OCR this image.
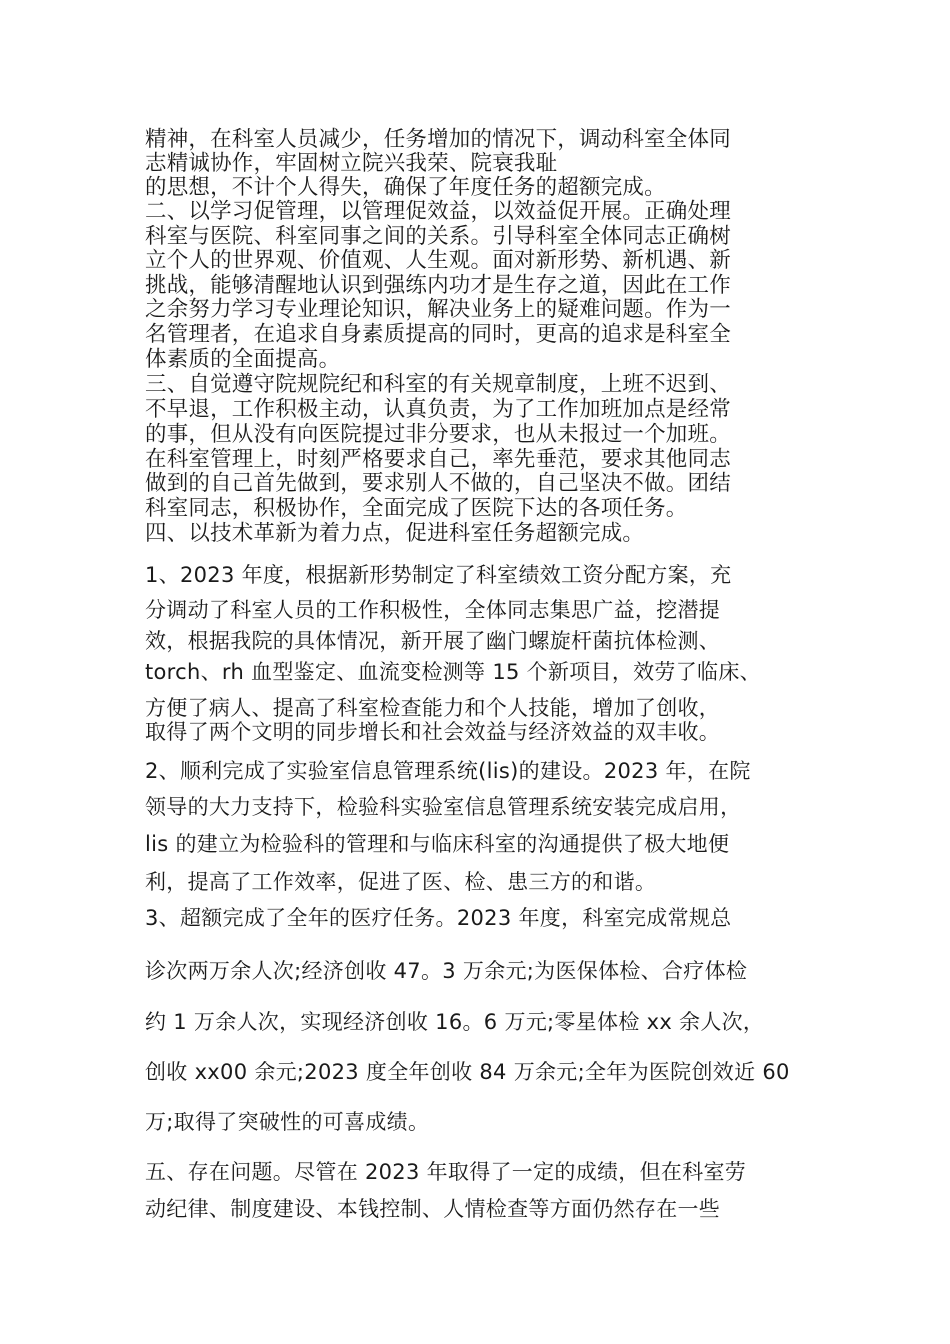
精神，在科室人员减少，任务增加的情况下，调动科室全体同
志精诚协作，牢固树立院兴我荣、院衰我耻
的思想，不计个人得失，确保了年度任务的超额完成。
二、以学习促管理，以管理促效益，以效益促开展。正确处理
科室与医院、科室同事之间的关系。引导科室全体同志正确树
立个人的世界观、价值观、人生观。面对新形势、新机遇、新
挑战，能够清醒地认识到强练内功才是生存之道，因此在工作
之余努力学习专业理论知识，解决业务上的疑难问题。作为一
名管理者，在追求自身素质提高的同时，更高的追求是科室全
体素质的全面提高。
三、自觉遵守院规院纪和科室的有关规章制度，上班不迟到、
不早退，工作积极主动，认真负责，为了工作加班加点是经常
的事，但从没有向医院提过非分要求，也从未报过一个加班。
在科室管理上，时刻严格要求自己，率先垂范，要求其他同志
做到的自己首先做到，要求别人不做的，自己坚决不做。团结
科室同志，积极协作，全面完成了医院下达的各项任务。
四、以技术革新为着力点，促进科室任务超额完成。
1、2023 年度，根据新形势制定了科室绩效工资分配方案，充
分调动了科室人员的工作积极性，全体同志集思广益，挖潜提
效，根据我院的具体情况，新开展了幽门螺旋杆菌抗体检测、
torch、rh 血型鉴定、血流变检测等 15 个新项目，效劳了临床、
方便了病人、提高了科室检查能力和个人技能，增加了创收，
取得了两个文明的同步增长和社会效益与经济效益的双丰收。
2、顺利完成了实验室信息管理系统(lis)的建设。2023 年，在院
领导的大力支持下，检验科实验室信息管理系统安装完成启用，
lis 的建立为检验科的管理和与临床科室的沟通提供了极大地便
利，提高了工作效率，促进了医、检、患三方的和谐。
3、超额完成了全年的医疗任务。2023 年度，科室完成常规总
诊次两万余人次;经济创收 47。3 万余元;为医保体检、合疗体检
约 1 万余人次，实现经济创收 16。6 万元;零星体检 xx 余人次，
创收 xx00 余元;2023 度全年创收 84 万余元;全年为医院创效近 60
万;取得了突破性的可喜成绩。
五、存在问题。尽管在 2023 年取得了一定的成绩，但在科室劳
动纪律、制度建设、本钱控制、人情检查等方面仍然存在一些
